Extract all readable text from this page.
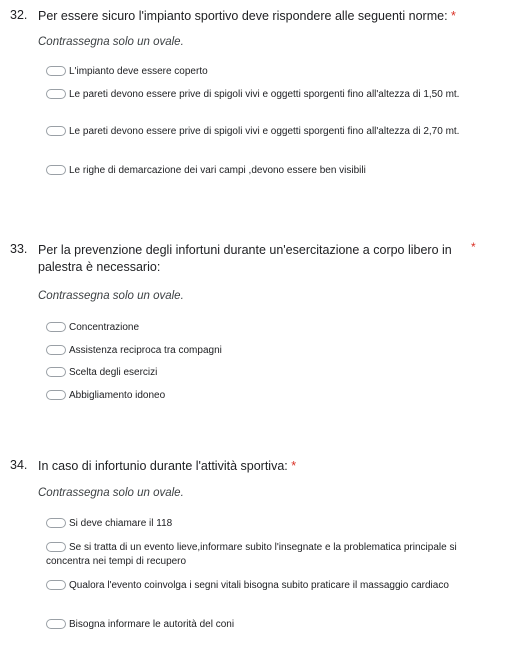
32. Per essere sicuro l'impianto sportivo deve rispondere alle seguenti norme: *
Contrassegna solo un ovale.
L'impianto deve essere coperto
Le pareti devono essere prive di spigoli vivi e oggetti sporgenti fino all'altezza di 1,50 mt.
Le pareti devono essere prive di spigoli vivi e oggetti sporgenti fino all'altezza di 2,70 mt.
Le righe di demarcazione dei vari campi ,devono essere ben visibili
33. Per la prevenzione degli infortuni durante un'esercitazione a corpo libero in palestra è necessario:
*
Contrassegna solo un ovale.
Concentrazione
Assistenza reciproca tra compagni
Scelta degli esercizi
Abbigliamento idoneo
34. In caso di infortunio durante l'attività sportiva: *
Contrassegna solo un ovale.
Si deve chiamare il 118
Se si tratta di un evento lieve,informare subito l'insegnate e la problematica principale si concentra nei tempi di recupero
Qualora l'evento coinvolga i segni vitali bisogna subito praticare il massaggio cardiaco
Bisogna informare le autorità del coni
